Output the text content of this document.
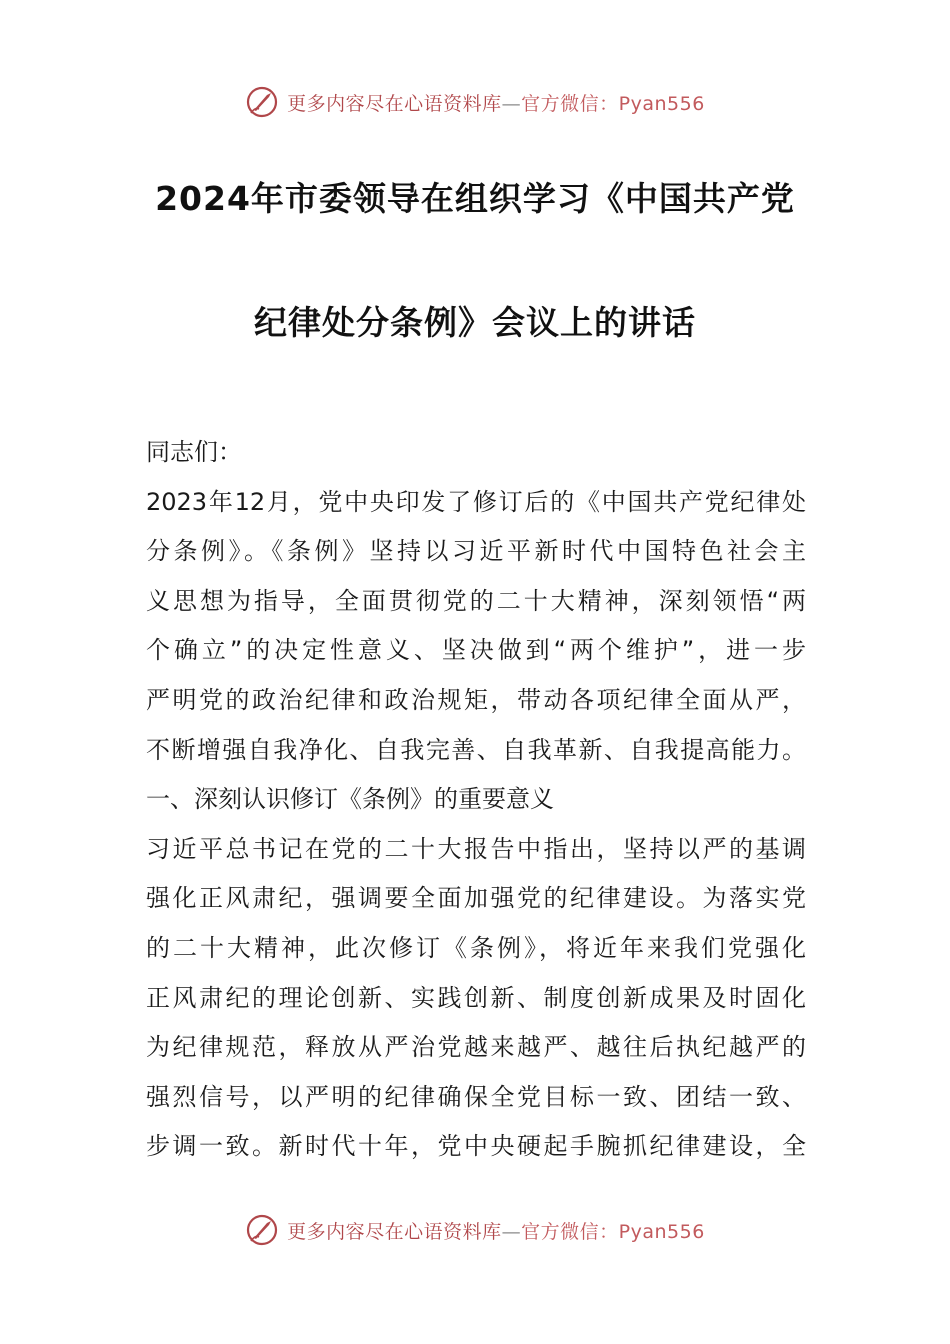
更多内容尽在心语资料库—官方微信：Pyan556
2024年市委领导在组织学习《中国共产党
纪律处分条例》会议上的讲话
同志们：
2023年12月，党中央印发了修订后的《中国共产党纪律处
分条例》。《条例》坚持以习近平新时代中国特色社会主
义思想为指导，全面贯彻党的二十大精神，深刻领悟“两
个确立”的决定性意义、坚决做到“两个维护”，进一步
严明党的政治纪律和政治规矩，带动各项纪律全面从严，
不断增强自我净化、自我完善、自我革新、自我提高能力。
一、深刻认识修订《条例》的重要意义
习近平总书记在党的二十大报告中指出，坚持以严的基调
强化正风肃纪，强调要全面加强党的纪律建设。为落实党
的二十大精神，此次修订《条例》，将近年来我们党强化
正风肃纪的理论创新、实践创新、制度创新成果及时固化
为纪律规范，释放从严治党越来越严、越往后执纪越严的
强烈信号，以严明的纪律确保全党目标一致、团结一致、
步调一致。新时代十年，党中央硬起手腕抓纪律建设，全
更多内容尽在心语资料库—官方微信：Pyan556
